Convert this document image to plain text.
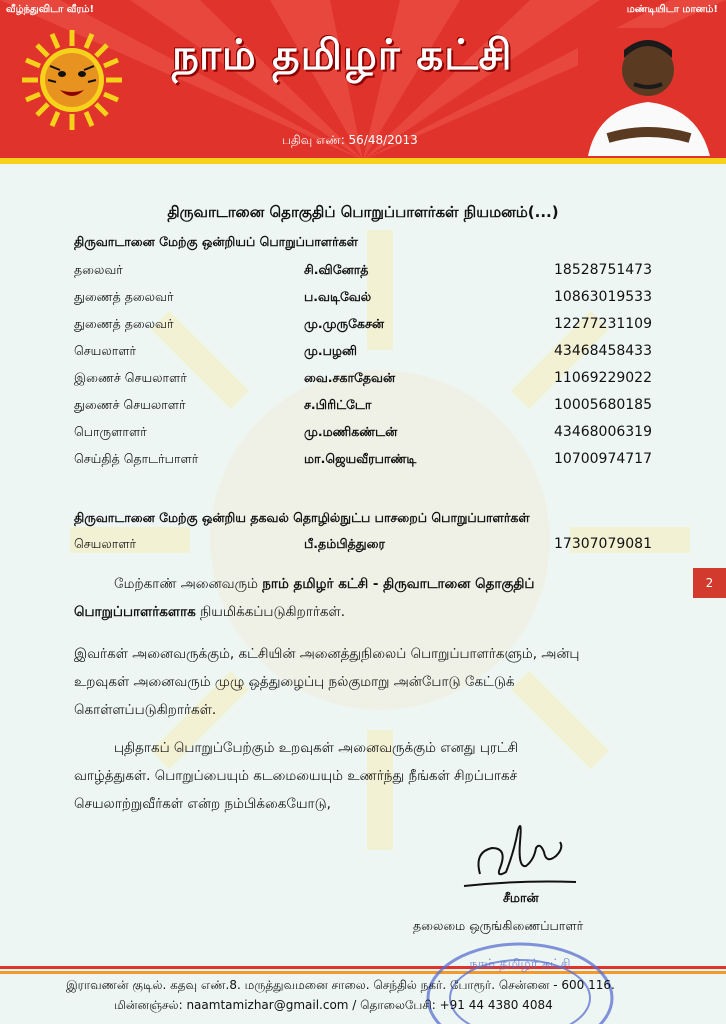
வீழ்ந்துவிடா வீரம்!	மண்டியிடா மானம்!
நாம் தமிழர் கட்சி
பதிவு எண்: 56/48/2013
திருவாடானை தொகுதிப் பொறுப்பாளர்கள் நியமனம்(...)
திருவாடானை மேற்கு ஒன்றியப் பொறுப்பாளர்கள்
தலைவர்	சி.வினோத்	18528751473
துணைத் தலைவர்	ப.வடிவேல்	10863019533
துணைத் தலைவர்	மு.முருகேசன்	12277231109
செயலாளர்	மு.பழனி	43468458433
இணைச் செயலாளர்	வை.சகாதேவன்	11069229022
துணைச் செயலாளர்	ச.பிரிட்டோ	10005680185
பொருளாளர்	மு.மணிகண்டன்	43468006319
செய்தித் தொடர்பாளர்	மா.ஜெயவீரபாண்டி	10700974717
திருவாடானை மேற்கு ஒன்றிய தகவல் தொழில்நுட்ப பாசறைப் பொறுப்பாளர்கள்
செயலாளர்	பீ.தம்பித்துரை	17307079081
மேற்காண் அனைவரும் நாம் தமிழர் கட்சி - திருவாடானை தொகுதிப்
பொறுப்பாளர்களாக நியமிக்கப்படுகிறார்கள்.
2
இவர்கள் அனைவருக்கும், கட்சியின் அனைத்துநிலைப் பொறுப்பாளர்களும், அன்பு
உறவுகள் அனைவரும் முழு ஒத்துழைப்பு நல்குமாறு அன்போடு கேட்டுக்
கொள்ளப்படுகிறார்கள்.
புதிதாகப் பொறுப்பேற்கும் உறவுகள் அனைவருக்கும் எனது புரட்சி
வாழ்த்துகள். பொறுப்பையும் கடமையையும் உணர்ந்து நீங்கள் சிறப்பாகச்
செயலாற்றுவீர்கள் என்ற நம்பிக்கையோடு,
சீமான்
தலைமை ஒருங்கிணைப்பாளர்
நாம் தமிழர் கட்சி
இராவணன் குடில். கதவு எண்.8. மருத்துவமனை சாலை. செந்தில் நகர். போரூர். சென்னை - 600 116.
மின்னஞ்சல்: naamtamizhar@gmail.com / தொலைபேசி: +91 44 4380 4084
